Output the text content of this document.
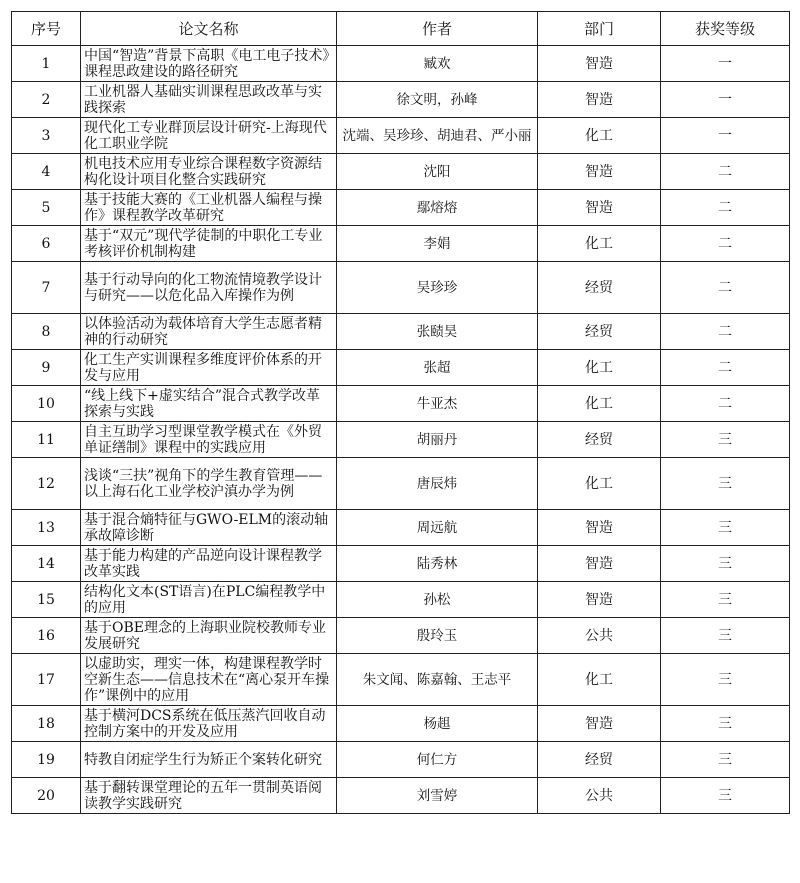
序号	论文名称	作者	部门	获奖等级
1	中国“智造”背景下高职《电工电子技术》课程思政建设的路径研究	臧欢	智造	一
2	工业机器人基础实训课程思政改革与实践探索	徐文明，孙峰	智造	一
3	现代化工专业群顶层设计研究-上海现代化工职业学院	沈端、吴珍珍、胡迪君、严小丽	化工	一
4	机电技术应用专业综合课程数字资源结构化设计项目化整合实践研究	沈阳	智造	二
5	基于技能大赛的《工业机器人编程与操作》课程教学改革研究	鄢熔熔	智造	二
6	基于“双元”现代学徒制的中职化工专业考核评价机制构建	李娟	化工	二
7	基于行动导向的化工物流情境教学设计与研究——以危化品入库操作为例	吴珍珍	经贸	二
8	以体验活动为载体培育大学生志愿者精神的行动研究	张赜昊	经贸	二
9	化工生产实训课程多维度评价体系的开发与应用	张超	化工	二
10	“线上线下+虚实结合”混合式教学改革探索与实践	牛亚杰	化工	二
11	自主互助学习型课堂教学模式在《外贸单证缮制》课程中的实践应用	胡丽丹	经贸	三
12	浅谈“三扶”视角下的学生教育管理——以上海石化工业学校沪滇办学为例	唐辰炜	化工	三
13	基于混合熵特征与GWO-ELM的滚动轴承故障诊断	周远航	智造	三
14	基于能力构建的产品逆向设计课程教学改革实践	陆秀林	智造	三
15	结构化文本(ST语言)在PLC编程教学中的应用	孙松	智造	三
16	基于OBE理念的上海职业院校教师专业发展研究	殷玲玉	公共	三
17	以虚助实，理实一体，构建课程教学时空新生态——信息技术在“离心泵开车操作”课例中的应用	朱文闻、陈嘉翰、王志平	化工	三
18	基于横河DCS系统在低压蒸汽回收自动控制方案中的开发及应用	杨趄	智造	三
19	特教自闭症学生行为矫正个案转化研究	何仁方	经贸	三
20	基于翻转课堂理论的五年一贯制英语阅读教学实践研究	刘雪婷	公共	三
